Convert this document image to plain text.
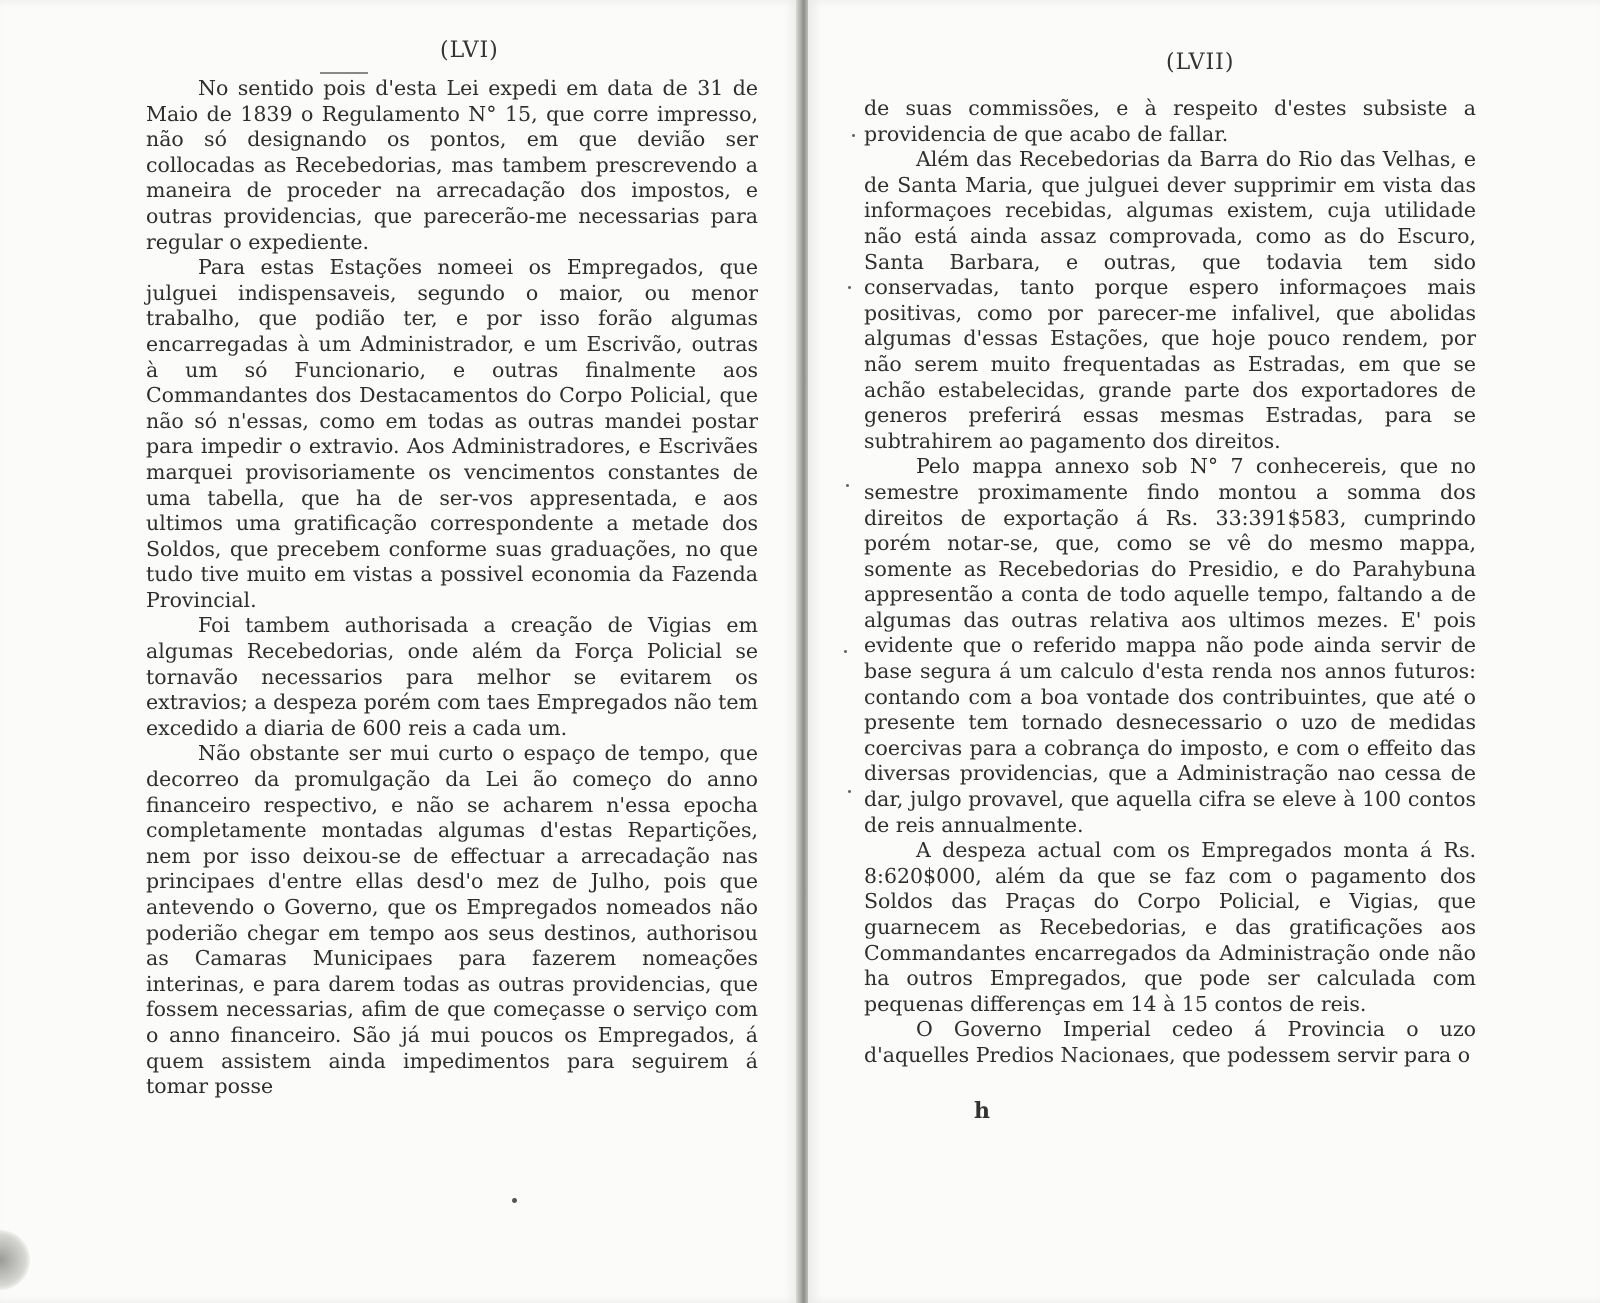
(LVI)

No sentido pois d'esta Lei expedi em data de 31 de Maio de 1839 o Regulamento N° 15, que corre impresso, não só designando os pontos, em que devião ser collocadas as Recebedorias, mas tambem prescrevendo a maneira de proceder na arrecadação dos impostos, e outras providencias, que parecerão-me necessarias para regular o expediente.

Para estas Estações nomeei os Empregados, que julguei indispensaveis, segundo o maior, ou menor trabalho, que podião ter, e por isso forão algumas encarregadas à um Administrador, e um Escrivão, outras à um só Funcionario, e outras finalmente aos Commandantes dos Destacamentos do Corpo Policial, que não só n'essas, como em todas as outras mandei postar para impedir o extravio. Aos Administradores, e Escrivães marquei provisoriamente os vencimentos constantes de uma tabella, que ha de ser-vos appresentada, e aos ultimos uma gratificação correspondente a metade dos Soldos, que precebem conforme suas graduações, no que tudo tive muito em vistas a possivel economia da Fazenda Provincial.

Foi tambem authorisada a creação de Vigias em algumas Recebedorias, onde além da Força Policial se tornavão necessarios para melhor se evitarem os extravios; a despeza porém com taes Empregados não tem excedido a diaria de 600 reis a cada um.

Não obstante ser mui curto o espaço de tempo, que decorreo da promulgação da Lei ão começo do anno financeiro respectivo, e não se acharem n'essa epocha completamente montadas algumas d'estas Repartições, nem por isso deixou-se de effectuar a arrecadação nas principaes d'entre ellas desd'o mez de Julho, pois que antevendo o Governo, que os Empregados nomeados não poderião chegar em tempo aos seus destinos, authorisou as Camaras Municipaes para fazerem nomeações interinas, e para darem todas as outras providencias, que fossem necessarias, afim de que começasse o serviço com o anno financeiro. São já mui poucos os Empregados, á quem assistem ainda impedimentos para seguirem á tomar posse

(LVII)

de suas commissões, e à respeito d'estes subsiste a providencia de que acabo de fallar.

Além das Recebedorias da Barra do Rio das Velhas, e de Santa Maria, que julguei dever supprimir em vista das informaçoes recebidas, algumas existem, cuja utilidade não está ainda assaz comprovada, como as do Escuro, Santa Barbara, e outras, que todavia tem sido conservadas, tanto porque espero informaçoes mais positivas, como por parecer-me infalivel, que abolidas algumas d'essas Estações, que hoje pouco rendem, por não serem muito frequentadas as Estradas, em que se achão estabelecidas, grande parte dos exportadores de generos preferirá essas mesmas Estradas, para se subtrahirem ao pagamento dos direitos.

Pelo mappa annexo sob N° 7 conhecereis, que no semestre proximamente findo montou a somma dos direitos de exportação á Rs. 33:391$583, cumprindo porém notar-se, que, como se vê do mesmo mappa, somente as Recebedorias do Presidio, e do Parahybuna appresentão a conta de todo aquelle tempo, faltando a de algumas das outras relativa aos ultimos mezes. E' pois evidente que o referido mappa não pode ainda servir de base segura á um calculo d'esta renda nos annos futuros: contando com a boa vontade dos contribuintes, que até o presente tem tornado desnecessario o uzo de medidas coercivas para a cobrança do imposto, e com o effeito das diversas providencias, que a Administração nao cessa de dar, julgo provavel, que aquella cifra se eleve à 100 contos de reis annualmente.

A despeza actual com os Empregados monta á Rs. 8:620$000, além da que se faz com o pagamento dos Soldos das Praças do Corpo Policial, e Vigias, que guarnecem as Recebedorias, e das gratificações aos Commandantes encarregados da Administração onde não ha outros Empregados, que pode ser calculada com pequenas differenças em 14 à 15 contos de reis.

O Governo Imperial cedeo á Provincia o uzo d'aquelles Predios Nacionaes, que podessem servir para o

h
